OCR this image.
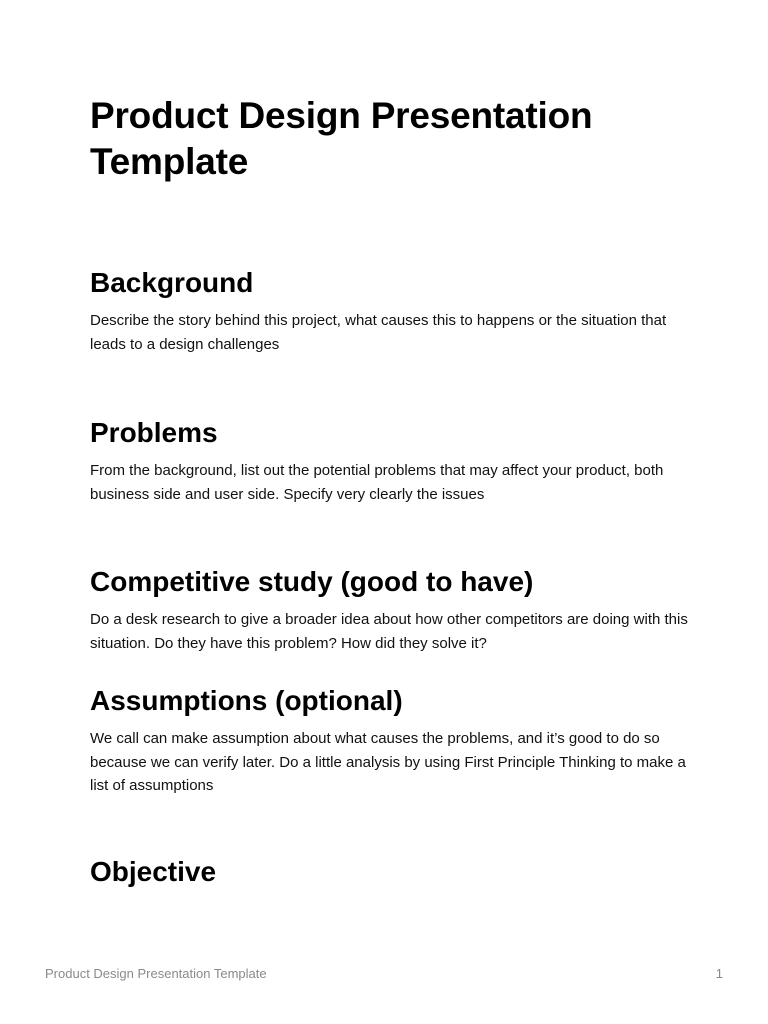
Product Design Presentation Template
Background

Describe the story behind this project, what causes this to happens or the situation that leads to a design challenges

Problems

From the background, list out the potential problems that may affect your product, both business side and user side. Specify very clearly the issues

Competitive study (good to have)

Do a desk research to give a broader idea about how other competitors are doing with this situation. Do they have this problem? How did they solve it?

Assumptions (optional)

We call can make assumption about what causes the problems, and it’s good to do so because we can verify later. Do a little analysis by using First Principle Thinking to make a list of assumptions

Objective
Product Design Presentation Template	1
